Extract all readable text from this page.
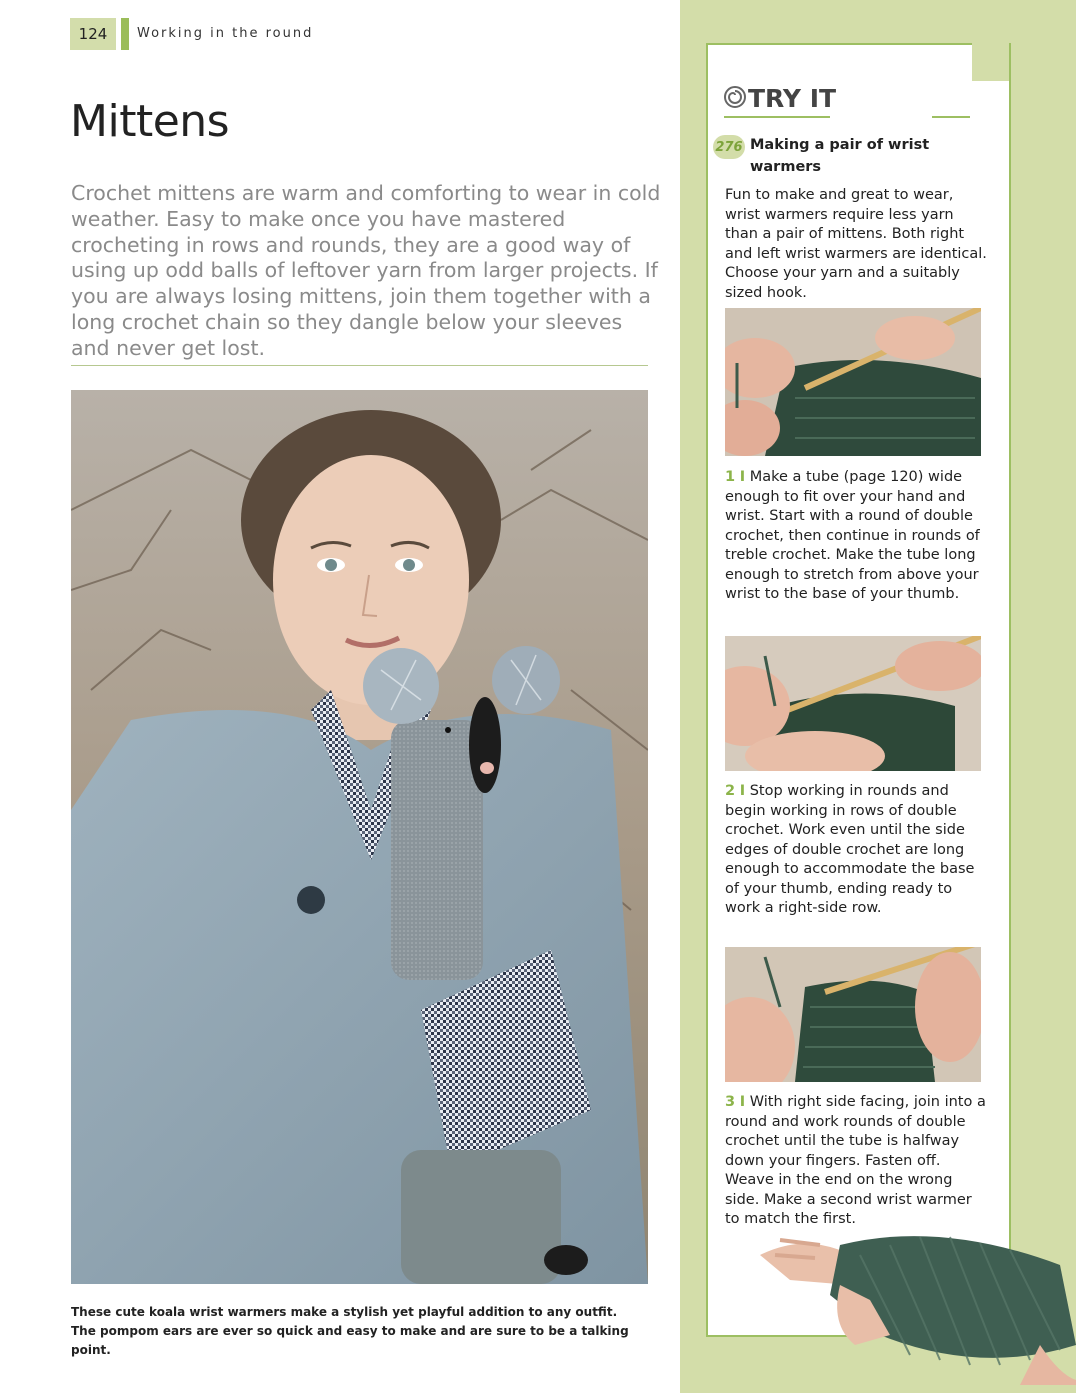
124 Working in the round
Mittens

Crochet mittens are warm and comforting to wear in cold weather. Easy to make once you have mastered crocheting in rows and rounds, they are a good way of using up odd balls of leftover yarn from larger projects. If you are always losing mittens, join them together with a long crochet chain so they dangle below your sleeves and never get lost.

These cute koala wrist warmers make a stylish yet playful addition to any outfit. The pompom ears are ever so quick and easy to make and are sure to be a talking point.

TRY IT
276 Making a pair of wrist warmers

Fun to make and great to wear, wrist warmers require less yarn than a pair of mittens. Both right and left wrist warmers are identical. Choose your yarn and a suitably sized hook.

1 I Make a tube (page 120) wide enough to fit over your hand and wrist. Start with a round of double crochet, then continue in rounds of treble crochet. Make the tube long enough to stretch from above your wrist to the base of your thumb.

2 I Stop working in rounds and begin working in rows of double crochet. Work even until the side edges of double crochet are long enough to accommodate the base of your thumb, ending ready to work a right-side row.

3 I With right side facing, join into a round and work rounds of double crochet until the tube is halfway down your fingers. Fasten off. Weave in the end on the wrong side. Make a second wrist warmer to match the first.
